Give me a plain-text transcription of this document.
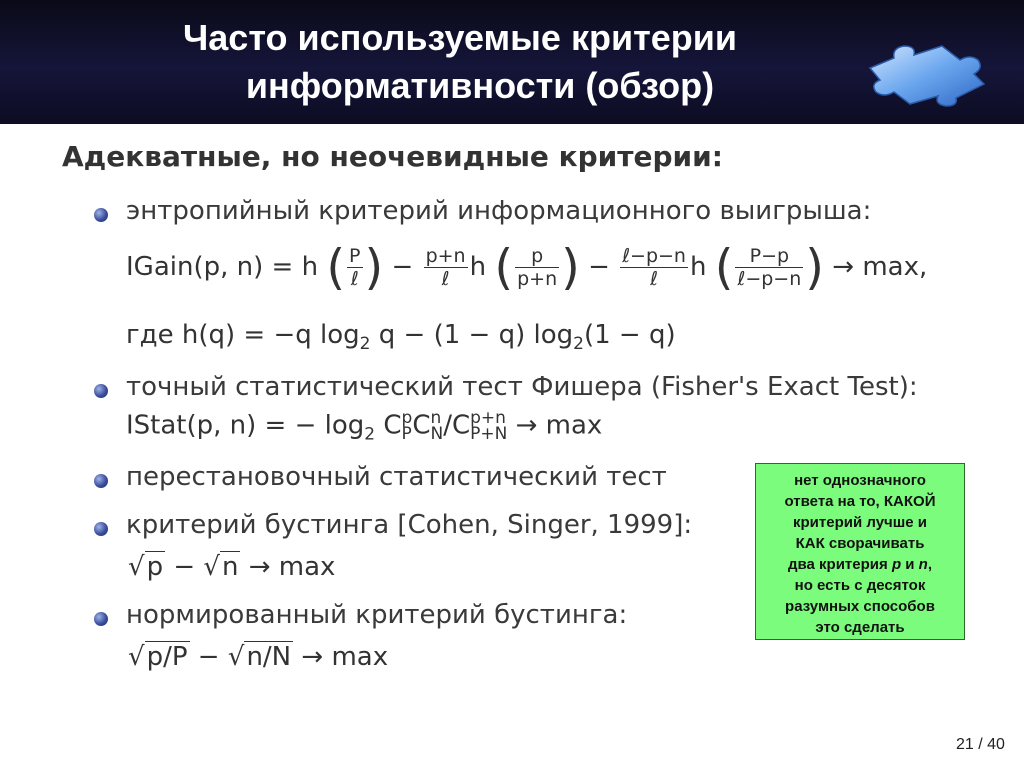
Часто используемые критерии
информативности (обзор)
Адекватные, но неочевидные критерии:
энтропийный критерий информационного выигрыша:
IGain(p, n) = h ( $\frac{P}{\text{ℓ}}$ ) − $\frac{p+n}{\text{ℓ}}$ h ( $\frac{p}{p+n}$ ) − $\frac{\text{ℓ−p−n}}{\text{ℓ}}$ h ( $\frac{P-p}{\text{ℓ−p−n}}$ ) → max,
где h(q) = −q $\log_2 q - (1 - q) \log_2(1 - q)$
точный статистический тест Фишера (Fisher's Exact Test):
IStat(p, n) = − $\log_2 C$ p
P C n
N /C p+n
P+N → max
перестановочный статистический тест
критерий бустинга [Cohen, Singer, 1999]:
√p − √n → max
нормированный критерий бустинга:
√p/P − √n/N → max
нет однозначного
ответа на то, КАКОЙ
критерий лучше и
КАК сворачивать
два критерия p и n,
но есть с десяток
разумных способов
это сделать
21 / 40
